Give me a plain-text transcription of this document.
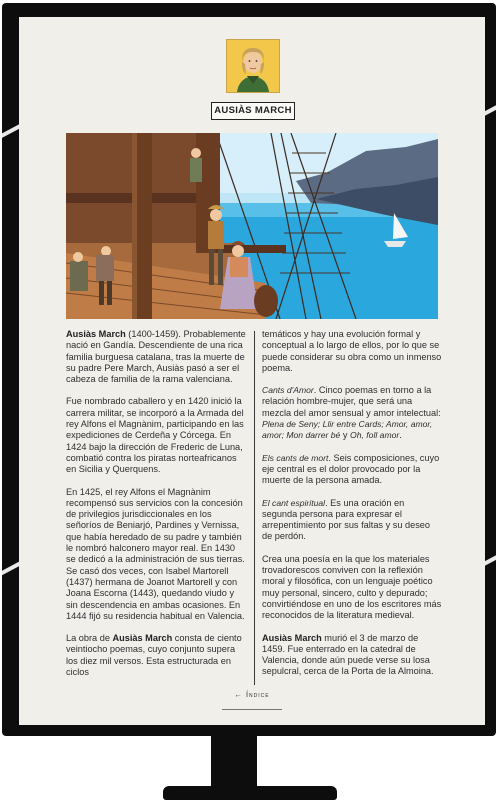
AUSIÀS MARCH

Ausiàs March (1400-1459). Probablemente nació en Gandía. Descendiente de una rica familia burguesa catalana, tras la muerte de su padre Pere March, Ausiàs pasó a ser el cabeza de familia de la rama valenciana.

Fue nombrado caballero y en 1420 inició la carrera militar, se incorporó a la Armada del rey Alfons el Magnànim, participando en las expediciones de Cerdeña y Córcega. En 1424 bajo la dirección de Frederic de Luna, combatió contra los piratas norteafricanos en Sicilia y Querquens.

En 1425, el rey Alfons el Magnànim recompensó sus servicios con la concesión de privilegios jurisdiccionales en los señoríos de Beniarjó, Pardines y Vernissa, que había heredado de su padre y también le nombró halconero mayor real. En 1430 se dedicó a la administración de sus tierras. Se casó dos veces, con Isabel Martorell (1437) hermana de Joanot Martorell y con Joana Escorna (1443), quedando viudo y sin descendencia en ambas ocasiones. En 1444 fijó su residencia habitual en Valencia.

La obra de Ausiàs March consta de ciento veintiocho poemas, cuyo conjunto supera los diez mil versos. Esta estructurada en ciclos

temáticos y hay una evolución formal y conceptual a lo largo de ellos, por lo que se puede considerar su obra como un inmenso poema.

Cants d'Amor. Cinco poemas en torno a la relación hombre-mujer, que será una mezcla del amor sensual y amor intelectual: Plena de Seny; Llir entre Cards; Amor, amor, amor; Mon darrer bé y Oh, foll amor.

Els cants de mort. Seis composiciones, cuyo eje central es el dolor provocado por la muerte de la persona amada.

El cant espiritual. Es una oración en segunda persona para expresar el arrepentimiento por sus faltas y su deseo de perdón.

Crea una poesía en la que los materiales trovadorescos conviven con la reflexión moral y filosófica, con un lenguaje poético muy personal, sincero, culto y depurado; convirtiéndose en uno de los escritores más reconocidos de la literatura medieval.

Ausiàs March murió el 3 de marzo de 1459. Fue enterrado en la catedral de Valencia, donde aún puede verse su losa sepulcral, cerca de la Porta de la Almoina.

← Índice
